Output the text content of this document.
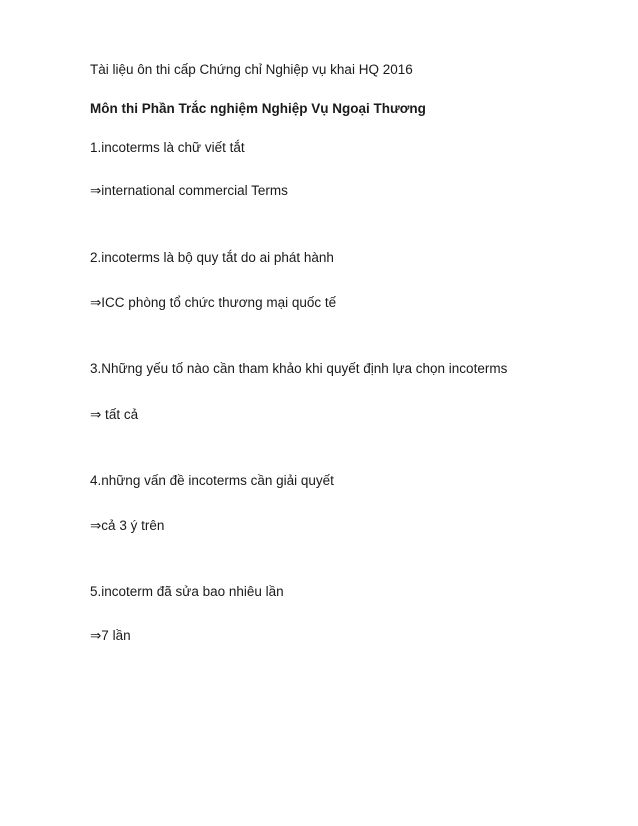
Tài liệu ôn thi cấp Chứng chỉ Nghiệp vụ khai HQ 2016
Môn thi Phần Trắc nghiệm Nghiệp Vụ Ngoại Thương
1.incoterms là chữ viết tắt
⇒international commercial Terms
2.incoterms là bộ quy tắt do ai phát hành
⇒ICC phòng tổ chức thương mại quốc tế
3.Những yếu tố nào cần tham khảo khi quyết định lựa chọn incoterms
⇒ tất cả
4.những vấn đề incoterms cần giải quyết
⇒cả 3 ý trên
5.incoterm đã sửa bao nhiêu lần
⇒7 lần
